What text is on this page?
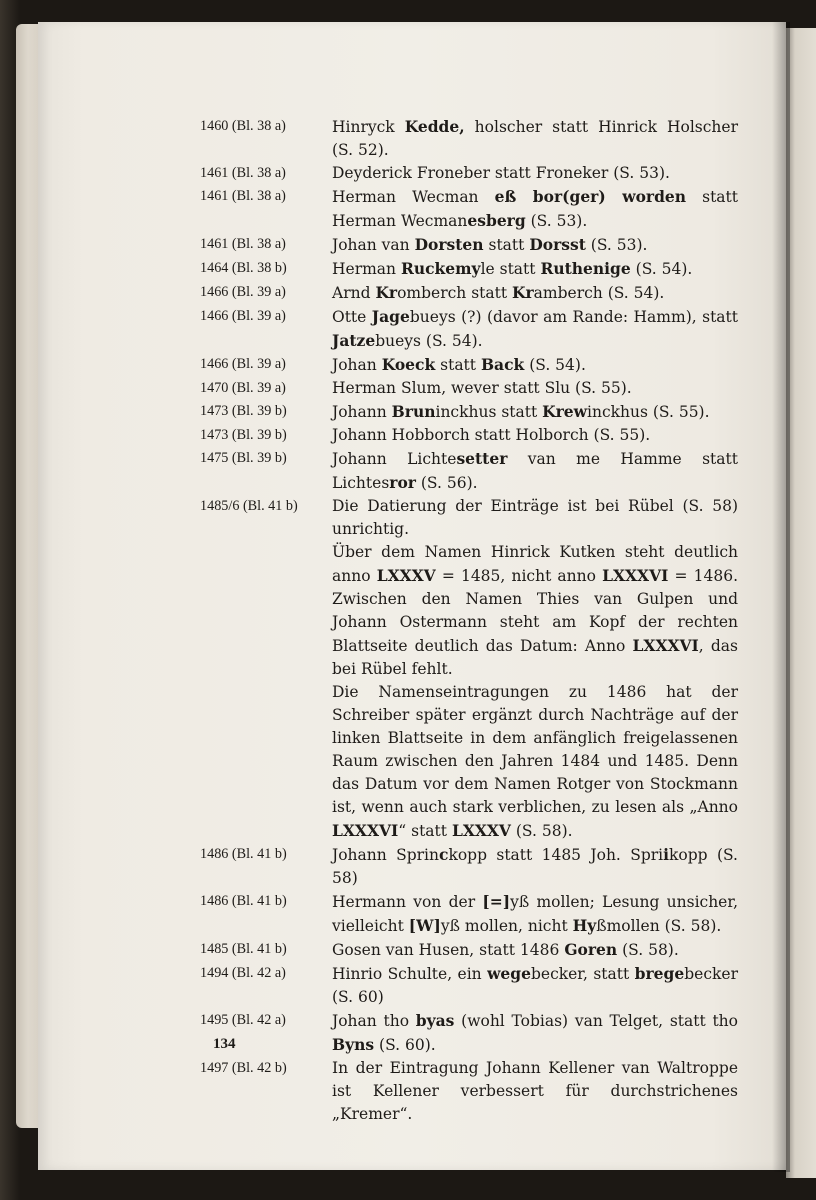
1460 (Bl. 38 a)	Hinryck Kedde, holscher statt Hinrick Holscher (S. 52).
1461 (Bl. 38 a)	Deyderick Froneber statt Froneker (S. 53).
1461 (Bl. 38 a)	Herman Wecman eß bor(ger) worden statt Herman Wecmanesberg (S. 53).
1461 (Bl. 38 a)	Johan van Dorsten statt Dorsst (S. 53).
1464 (Bl. 38 b)	Herman Ruckemyle statt Ruthenige (S. 54).
1466 (Bl. 39 a)	Arnd Kromberch statt Kramberch (S. 54).
1466 (Bl. 39 a)	Otte Jagebueys (?) (davor am Rande: Hamm), statt Jatzebueys (S. 54).
1466 (Bl. 39 a)	Johan Koeck statt Back (S. 54).
1470 (Bl. 39 a)	Herman Slum, wever statt Slu (S. 55).
1473 (Bl. 39 b)	Johann Bruninckhus statt Krewinckhus (S. 55).
1473 (Bl. 39 b)	Johann Hobborch statt Holborch (S. 55).
1475 (Bl. 39 b)	Johann Lichtesetter van me Hamme statt Lichtesror (S. 56).
1485/6 (Bl. 41 b)	Die Datierung der Einträge ist bei Rübel (S. 58) unrichtig.
Über dem Namen Hinrick Kutken steht deutlich anno LXXXV = 1485, nicht anno LXXXVI = 1486. Zwischen den Namen Thies van Gulpen und Johann Ostermann steht am Kopf der rechten Blattseite deutlich das Datum: Anno LXXXVI, das bei Rübel fehlt.
Die Namenseintragungen zu 1486 hat der Schreiber später ergänzt durch Nachträge auf der linken Blattseite in dem anfänglich freigelassenen Raum zwischen den Jahren 1484 und 1485. Denn das Datum vor dem Namen Rotger von Stockmann ist, wenn auch stark verblichen, zu lesen als „Anno LXXXVI“ statt LXXXV (S. 58).
1486 (Bl. 41 b)	Johann Sprinckopp statt 1485 Joh. Spriikopp (S. 58)
1486 (Bl. 41 b)	Hermann von der [=]yß mollen; Lesung unsicher, vielleicht [W]yß mollen, nicht Hyßmollen (S. 58).
1485 (Bl. 41 b)	Gosen van Husen, statt 1486 Goren (S. 58).
1494 (Bl. 42 a)	Hinrio Schulte, ein wegebecker, statt bregebecker (S. 60)
1495 (Bl. 42 a)	Johan tho byas (wohl Tobias) van Telget, statt tho Byns (S. 60).
1497 (Bl. 42 b)	In der Eintragung Johann Kellener van Waltroppe ist Kellener verbessert für durchstrichenes „Kremer“.
134
